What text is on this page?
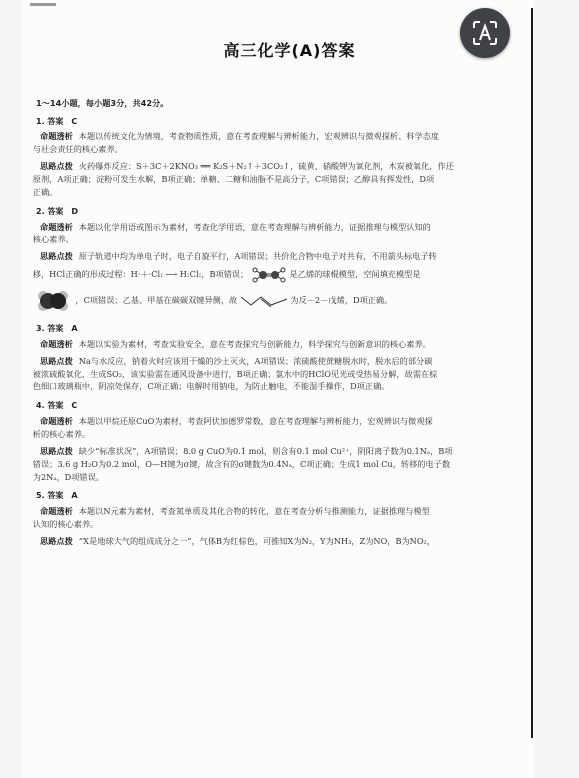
高三化学(A)答案

1～14小题，每小题3分，共42分。

1. 答案　C

命题透析 本题以传统文化为情境，考查物质性质，意在考查理解与辨析能力，宏观辨识与微观探析、科学态度

与社会责任的核心素养。

思路点拨 火药爆炸反应：S＋3C＋2KNO₃ ══ K₂S＋N₂↑＋3CO₂↑，硫黄、硝酸钾为氧化剂，木炭被氧化，作还

原剂，A项正确；淀粉可发生水解，B项正确；单糖、二糖和油脂不是高分子，C项错误；乙醇具有挥发性，D项

正确。

2. 答案　D

命题透析 本题以化学用语或图示为素材，考查化学用语，意在考查理解与辨析能力，证据推理与模型认知的

核心素养。

思路点拨 原子轨道中均为单电子时，电子自旋平行，A项错误；共价化合物中电子对共有，不用箭头标电子转

移，HCl正确的形成过程：H·＋·Cl: ⟶ H:Cl:，B项错误；	是乙烯的球棍模型，空间填充模型是

，C项错误；乙基、甲基在碳碳双键异侧，故	为反－2－戊烯，D项正确。

3. 答案　A

命题透析 本题以实验为素材，考查实验安全，意在考查探究与创新能力，科学探究与创新意识的核心素养。

思路点拨 Na与水反应，钠着火时应该用干燥的沙土灭火，A项错误；浓硫酸使蔗糖脱水时，脱水后的部分碳

被浓硫酸氧化，生成SO₂，该实验需在通风设备中进行，B项正确；氯水中的HClO见光或受热易分解，故需在棕

色细口玻璃瓶中，阴凉处保存，C项正确；电解时用钠电，为防止触电，不能湿手操作，D项正确。

4. 答案　C

命题透析 本题以甲烷还原CuO为素材，考查阿伏加德罗常数，意在考查理解与辨析能力，宏观辨识与微观探

析的核心素养。

思路点拨 缺少“标准状况”，A项错误；8.0 g CuO为0.1 mol，则含有0.1 mol Cu²⁺，阴阳离子数为0.1Nₐ，B项

错误；3.6 g H₂O为0.2 mol，O—H键为σ键，故含有的σ键数为0.4Nₐ，C项正确；生成1 mol Cu，转移的电子数

为2Nₐ，D项错误。

5. 答案　A

命题透析 本题以N元素为素材，考查氮单质及其化合物的转化，意在考查分析与推测能力，证据推理与模型

认知的核心素养。

思路点拨 “X是地球大气的组成成分之一”，气体B为红棕色，可推知X为N₂，Y为NH₃，Z为NO，B为NO₂，
